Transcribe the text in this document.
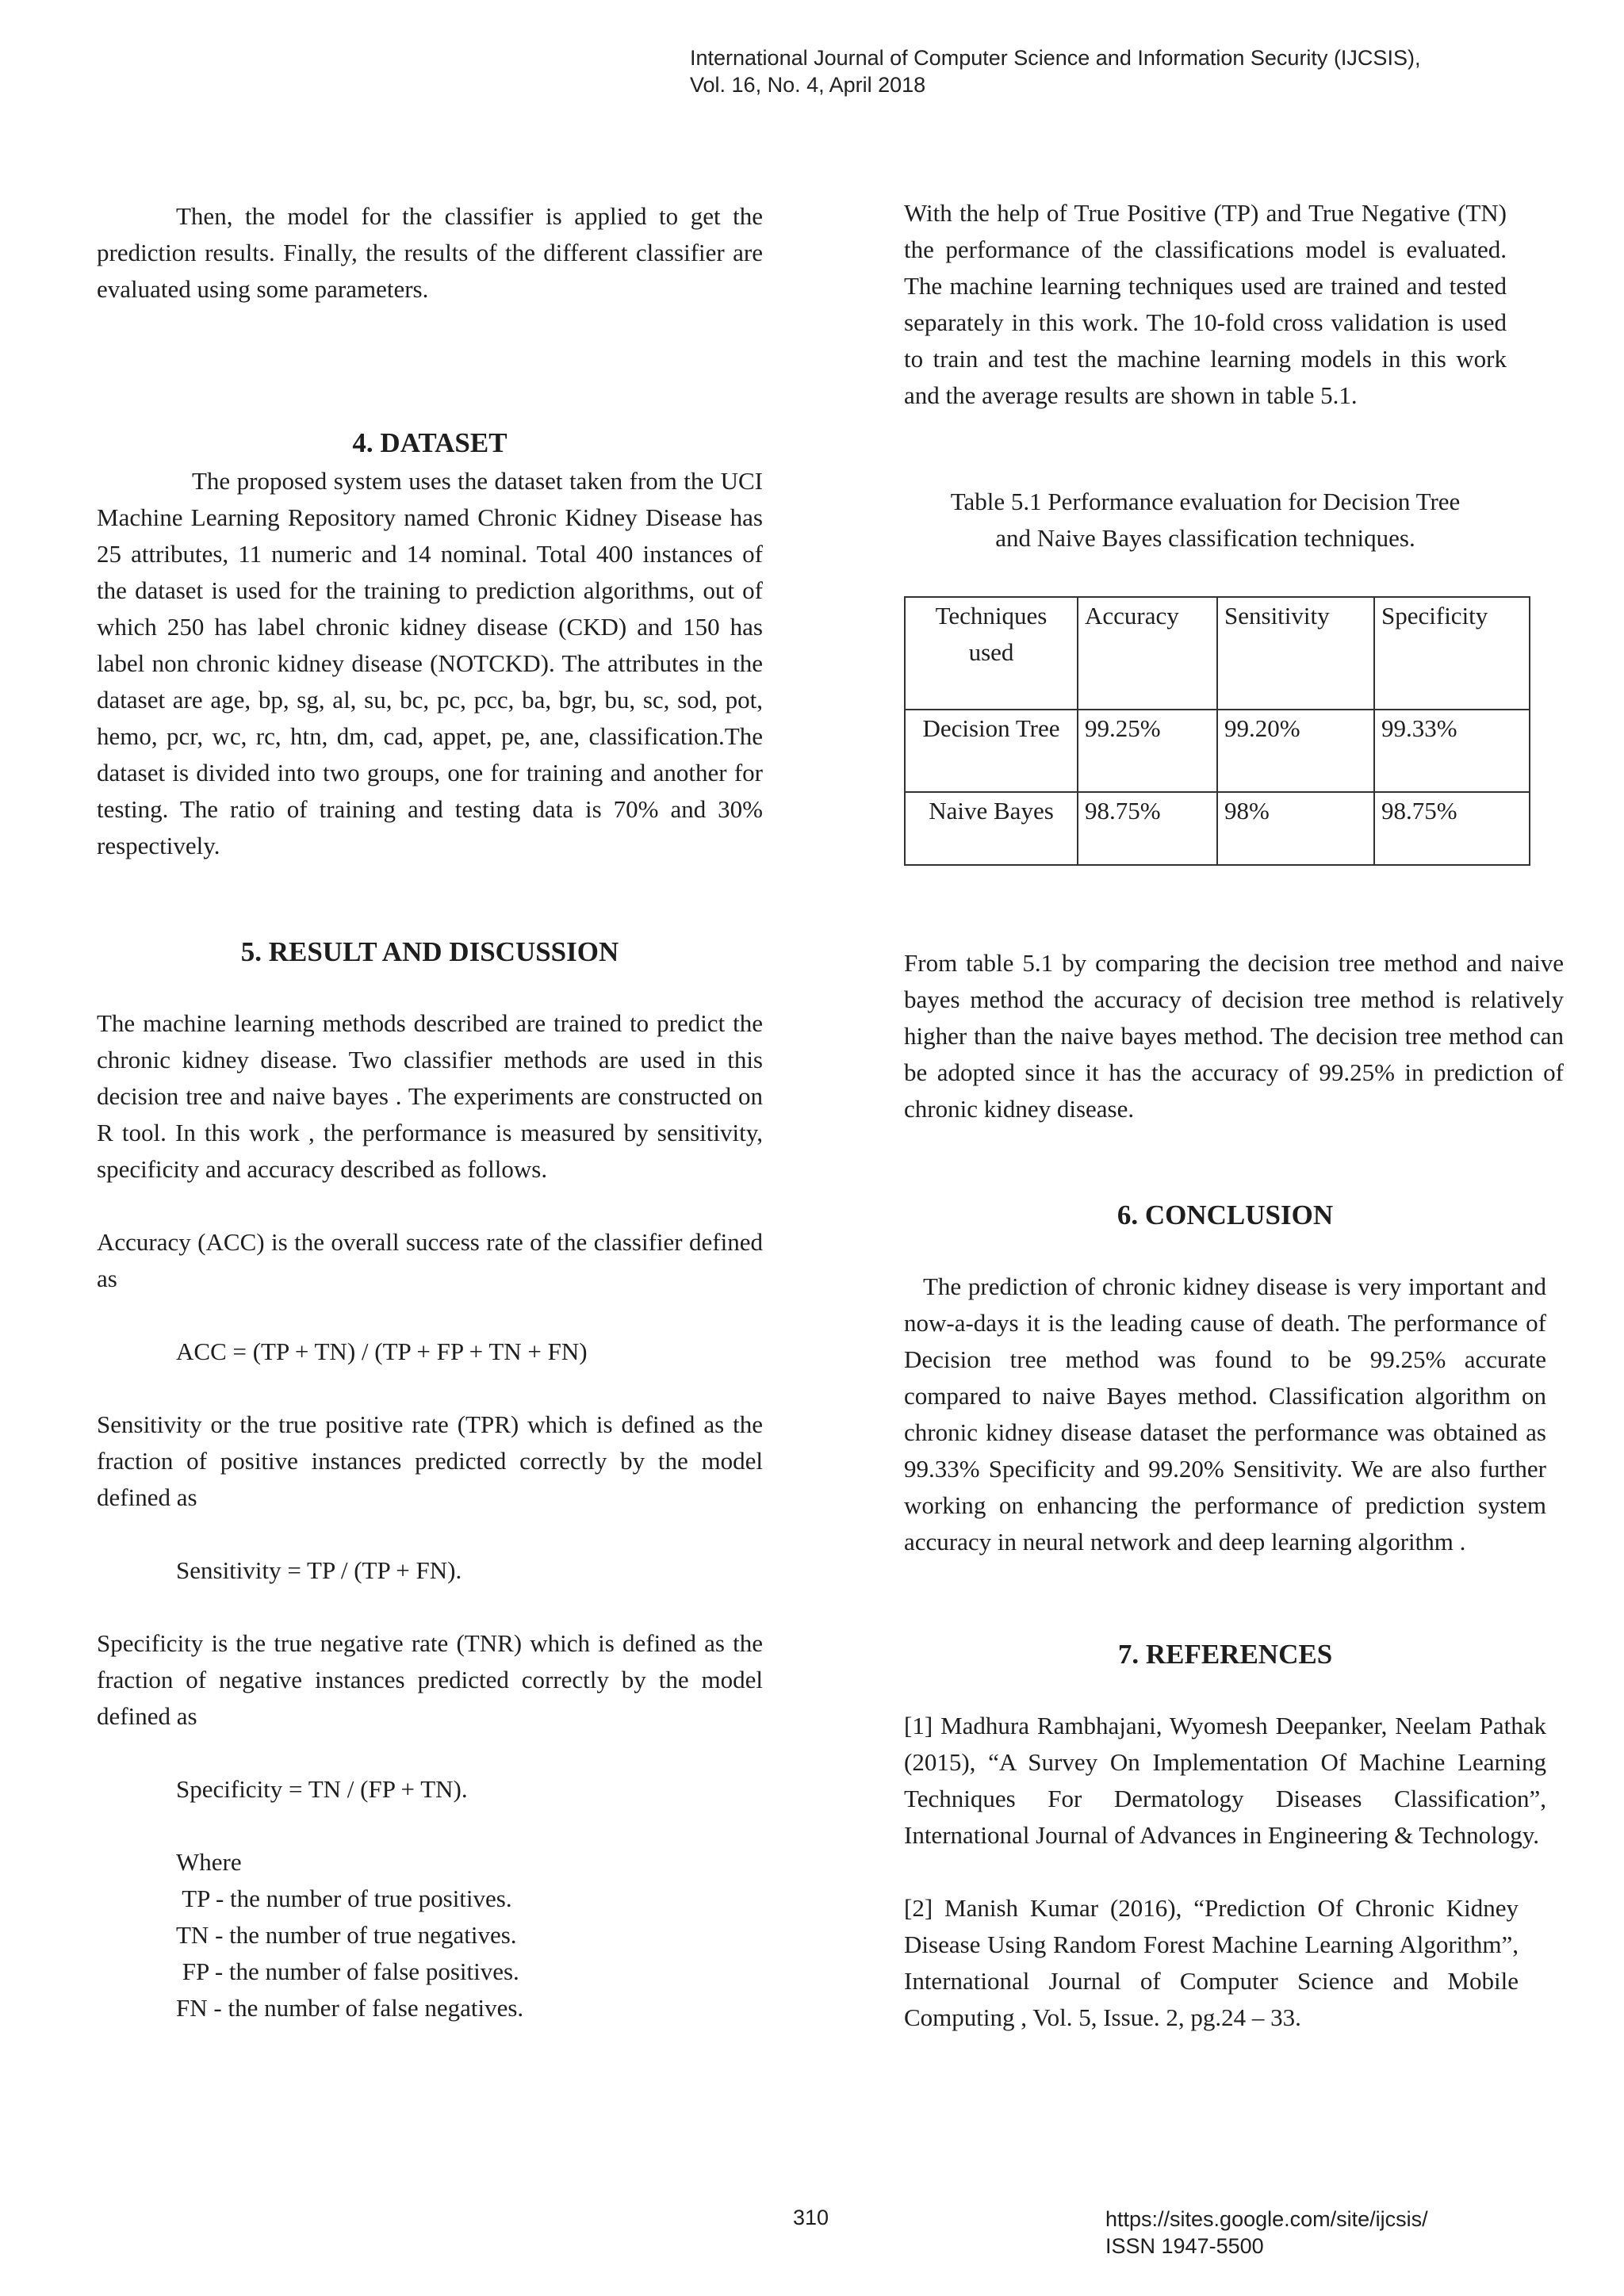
International Journal of Computer Science and Information Security (IJCSIS),
Vol. 16, No. 4, April 2018

Then, the model for the classifier is applied to get the prediction results. Finally, the results of the different classifier are evaluated using some parameters.

4. DATASET

The proposed system uses the dataset taken from the UCI Machine Learning Repository named Chronic Kidney Disease has 25 attributes, 11 numeric and 14 nominal. Total 400 instances of the dataset is used for the training to prediction algorithms, out of which 250 has label chronic kidney disease (CKD) and 150 has label non chronic kidney disease (NOTCKD). The attributes in the dataset are age, bp, sg, al, su, bc, pc, pcc, ba, bgr, bu, sc, sod, pot, hemo, pcr, wc, rc, htn, dm, cad, appet, pe, ane, classification.The dataset is divided into two groups, one for training and another for testing. The ratio of training and testing data is 70% and 30% respectively.

5. RESULT AND DISCUSSION

The machine learning methods described are trained to predict the chronic kidney disease. Two classifier methods are used in this decision tree and naive bayes . The experiments are constructed on R tool. In this work , the performance is measured by sensitivity, specificity and accuracy described as follows.

Accuracy (ACC) is the overall success rate of the classifier defined as

ACC = (TP + TN) / (TP + FP + TN + FN)

Sensitivity or the true positive rate (TPR) which is defined as the fraction of positive instances predicted correctly by the model defined as

Sensitivity = TP / (TP + FN).

Specificity is the true negative rate (TNR) which is defined as the fraction of negative instances predicted correctly by the model defined as

Specificity = TN / (FP + TN).

Where

TP - the number of true positives.

TN - the number of true negatives.

FP - the number of false positives.

FN - the number of false negatives.

With the help of True Positive (TP) and True Negative (TN) the performance of the classifications model is evaluated. The machine learning techniques used are trained and tested separately in this work. The 10-fold cross validation is used to train and test the machine learning models in this work and the average results are shown in table 5.1.

Table 5.1 Performance evaluation for Decision Tree

and Naive Bayes classification techniques.

Techniques used	Accuracy	Sensitivity	Specificity
Decision Tree	99.25%	99.20%	99.33%
Naive Bayes	98.75%	98%	98.75%

From table 5.1 by comparing the decision tree method and naive bayes method the accuracy of decision tree method is relatively higher than the naive bayes method. The decision tree method can be adopted since it has the accuracy of 99.25% in prediction of chronic kidney disease.

6. CONCLUSION

The prediction of chronic kidney disease is very important and now-a-days it is the leading cause of death. The performance of Decision tree method was found to be 99.25% accurate compared to naive Bayes method. Classification algorithm on chronic kidney disease dataset the performance was obtained as 99.33% Specificity and 99.20% Sensitivity. We are also further working on enhancing the performance of prediction system accuracy in neural network and deep learning algorithm .

7. REFERENCES

[1] Madhura Rambhajani, Wyomesh Deepanker, Neelam Pathak (2015), “A Survey On Implementation Of Machine Learning Techniques For Dermatology Diseases Classification”, International Journal of Advances in Engineering & Technology.

[2] Manish Kumar (2016), “Prediction Of Chronic Kidney Disease Using Random Forest Machine Learning Algorithm”, International Journal of Computer Science and Mobile Computing , Vol. 5, Issue. 2, pg.24 – 33.

310	https://sites.google.com/site/ijcsis/
ISSN 1947-5500
